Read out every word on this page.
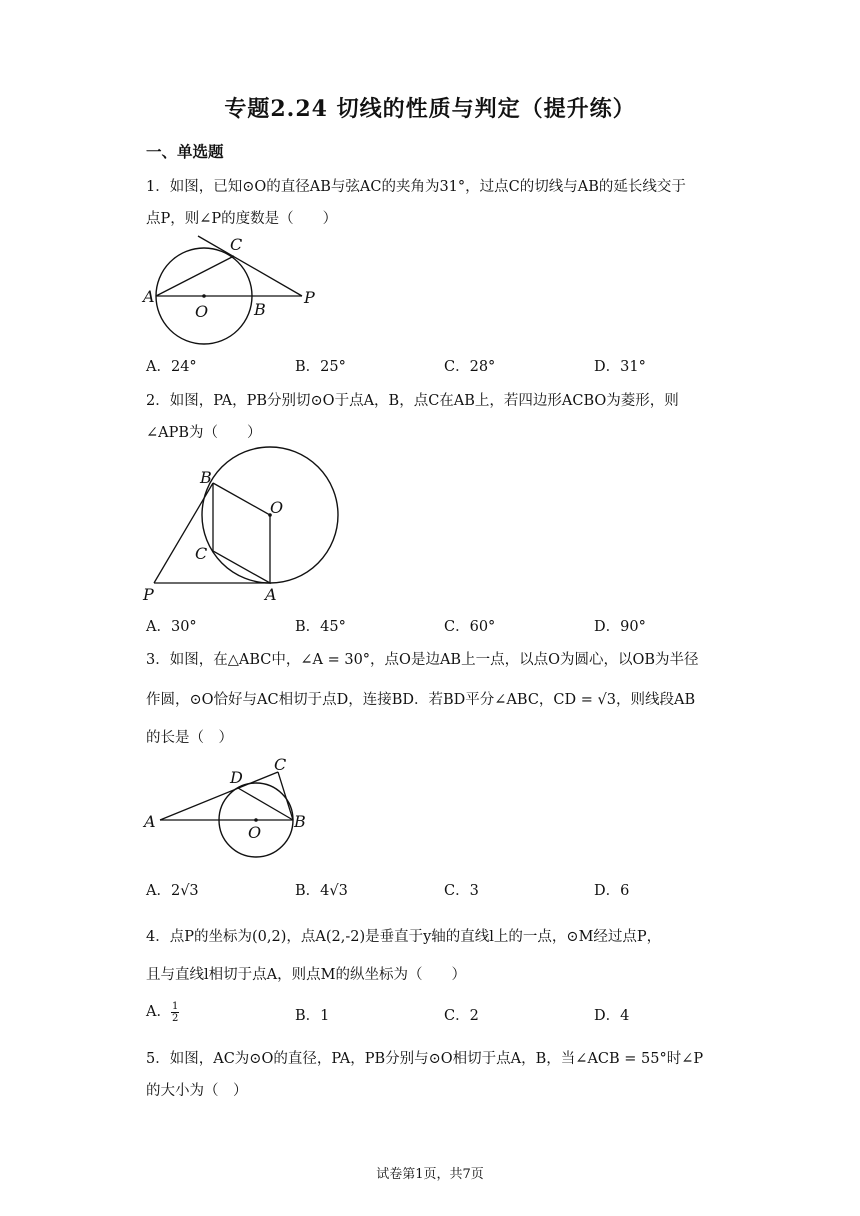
专题2.24 切线的性质与判定（提升练）
一、单选题
1．如图，已知⊙O的直径AB与弦AC的夹角为31°，过点C的切线与AB的延长线交于
点P，则∠P的度数是（　　）
A
C
O	B
P
A．24°	B．25°	C．28°	D．31°
2．如图，PA，PB分别切⊙O于点A，B，点C在AB上，若四边形ACBO为菱形，则
∠APB为（　　）
B
O
C
P	A
A．30°	B．45°	C．60°	D．90°
3．如图，在△ABC中，∠A = 30°，点O是边AB上一点，以点O为圆心，以OB为半径
作圆，⊙O恰好与AC相切于点D，连接BD．若BD平分∠ABC，CD = √3，则线段AB
的长是（　）
A
D
C
O
B
A．2√3	B．4√3	C．3	D．6
4．点P的坐标为(0,2)，点A(2,-2)是垂直于y轴的直线l上的一点，⊙M经过点P，
且与直线l相切于点A，则点M的纵坐标为（　　）
A． $\frac{1}{2}$	B．1	C．2	D．4
5．如图，AC为⊙O的直径，PA，PB分别与⊙O相切于点A，B，当∠ACB = 55°时∠P
的大小为（　）
试卷第1页，共7页
